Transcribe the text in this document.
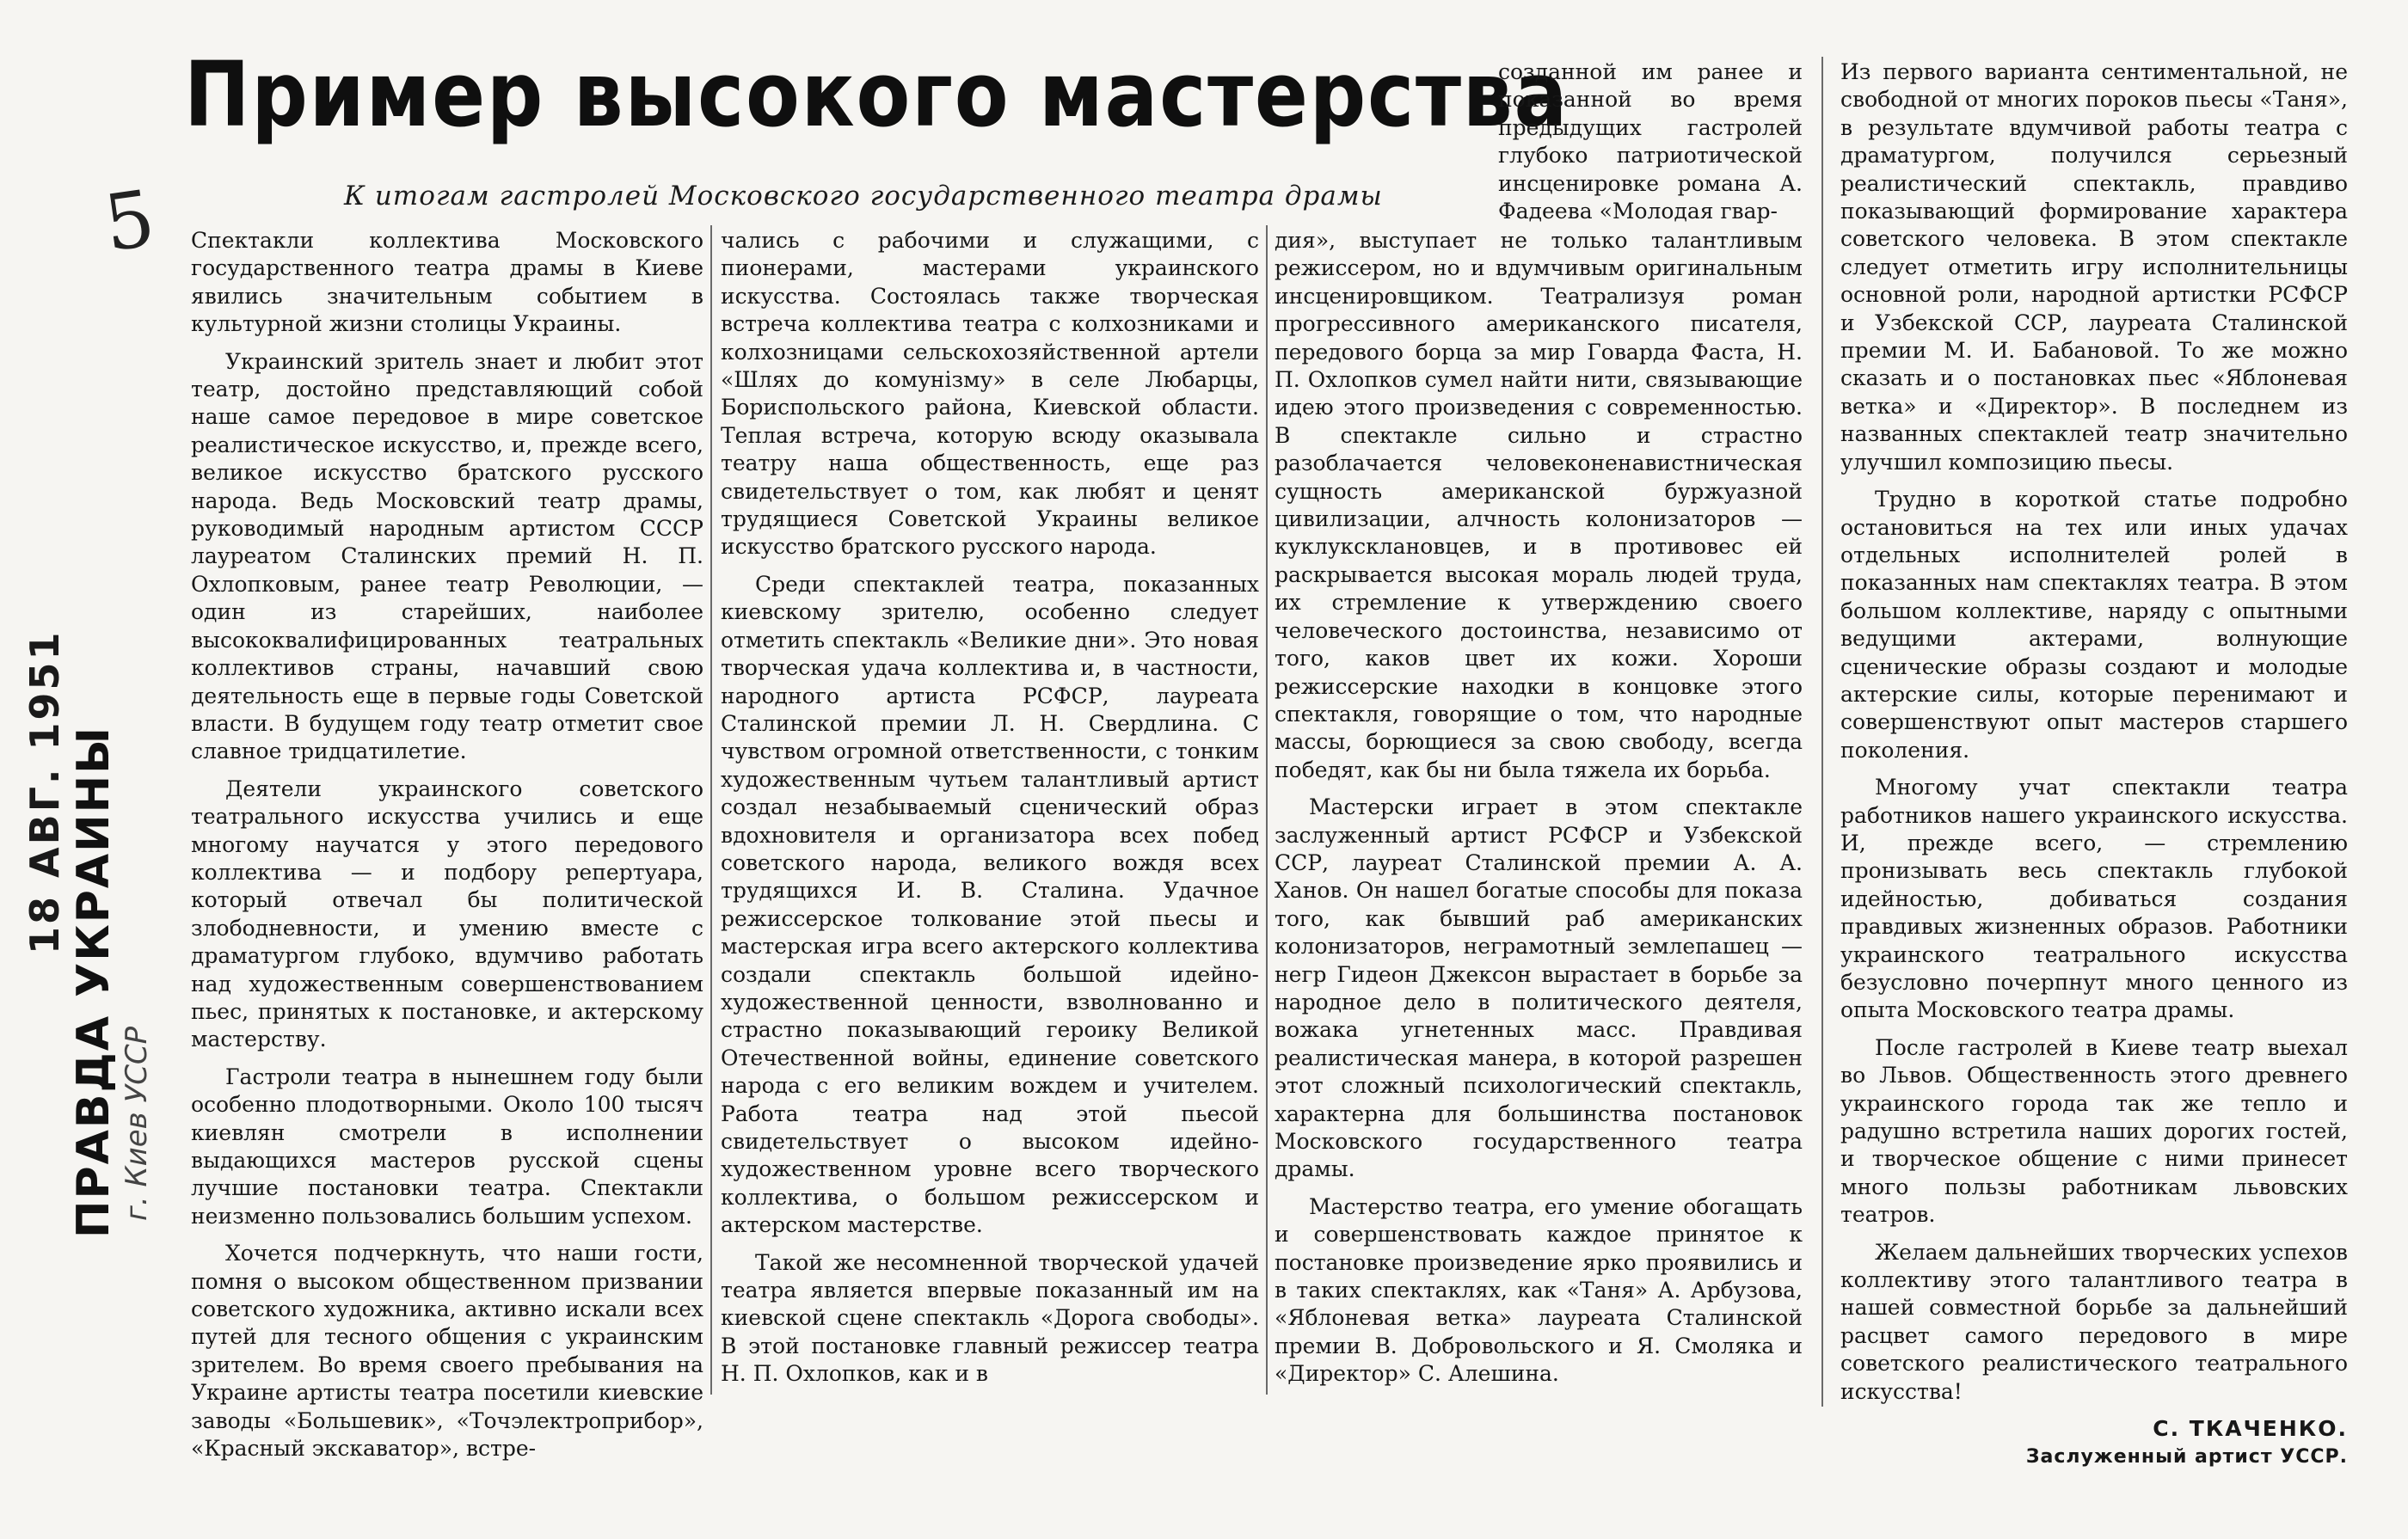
5
18 АВГ. 1951 ПРАВДА УКРАИНЫ г. Киев УССР
Пример высокого мастерства
К итогам гастролей Московского государственного театра драмы

Спектакли коллектива Московского государственного театра драмы в Киеве явились значительным событием в культурной жизни столицы Украины.

Украинский зритель знает и любит этот театр, достойно представляющий собой наше самое передовое в мире советское реалистическое искусство, и, прежде всего, великое искусство братского русского народа. Ведь Московский театр драмы, руководимый народным артистом СССР лауреатом Сталинских премий Н. П. Охлопковым, ранее театр Революции, — один из старейших, наиболее высококвалифицированных театральных коллективов страны, начавший свою деятельность еще в первые годы Советской власти. В будущем году театр отметит свое славное тридцатилетие.

Деятели украинского советского театрального искусства учились и еще многому научатся у этого передового коллектива — и подбору репертуара, который отвечал бы политической злободневности, и умению вместе с драматургом глубоко, вдумчиво работать над художественным совершенствованием пьес, принятых к постановке, и актерскому мастерству.

Гастроли театра в нынешнем году были особенно плодотворными. Около 100 тысяч киевлян смотрели в исполнении выдающихся мастеров русской сцены лучшие постановки театра. Спектакли неизменно пользовались большим успехом.

Хочется подчеркнуть, что наши гости, помня о высоком общественном призвании советского художника, активно искали всех путей для тесного общения с украинским зрителем. Во время своего пребывания на Украине артисты театра посетили киевские заводы «Большевик», «Точэлектроприбор», «Красный экскаватор», встре-

чались с рабочими и служащими, с пионерами, мастерами украинского искусства. Состоялась также творческая встреча коллектива театра с колхозниками и колхозницами сельскохозяйственной артели «Шлях до комунізму» в селе Любарцы, Бориспольского района, Киевской области. Теплая встреча, которую всюду оказывала театру наша общественность, еще раз свидетельствует о том, как любят и ценят трудящиеся Советской Украины великое искусство братского русского народа.

Среди спектаклей театра, показанных киевскому зрителю, особенно следует отметить спектакль «Великие дни». Это новая творческая удача коллектива и, в частности, народного артиста РСФСР, лауреата Сталинской премии Л. Н. Свердлина. С чувством огромной ответственности, с тонким художественным чутьем талантливый артист создал незабываемый сценический образ вдохновителя и организатора всех побед советского народа, великого вождя всех трудящихся И. В. Сталина. Удачное режиссерское толкование этой пьесы и мастерская игра всего актерского коллектива создали спектакль большой идейно-художественной ценности, взволнованно и страстно показывающий героику Великой Отечественной войны, единение советского народа с его великим вождем и учителем. Работа театра над этой пьесой свидетельствует о высоком идейно-художественном уровне всего творческого коллектива, о большом режиссерском и актерском мастерстве.

Такой же несомненной творческой удачей театра является впервые показанный им на киевской сцене спектакль «Дорога свободы». В этой постановке главный режиссер театра Н. П. Охлопков, как и в

дия», выступает не только талантливым режиссером, но и вдумчивым оригинальным инсценировщиком. Театрализуя роман прогрессивного американского писателя, передового борца за мир Говарда Фаста, Н. П. Охлопков сумел найти нити, связывающие идею этого произведения с современностью. В спектакле сильно и страстно разоблачается человеконенавистническая сущность американской буржуазной цивилизации, алчность колонизаторов — куклуксклановцев, и в противовес ей раскрывается высокая мораль людей труда, их стремление к утверждению своего человеческого достоинства, независимо от того, каков цвет их кожи. Хороши режиссерские находки в концовке этого спектакля, говорящие о том, что народные массы, борющиеся за свою свободу, всегда победят, как бы ни была тяжела их борьба.

Мастерски играет в этом спектакле заслуженный артист РСФСР и Узбекской ССР, лауреат Сталинской премии А. А. Ханов. Он нашел богатые способы для показа того, как бывший раб американских колонизаторов, неграмотный землепашец — негр Гидеон Джексон вырастает в борьбе за народное дело в политического деятеля, вожака угнетенных масс. Правдивая реалистическая манера, в которой разрешен этот сложный психологический спектакль, характерна для большинства постановок Московского государственного театра драмы.

Мастерство театра, его умение обогащать и совершенствовать каждое принятое к постановке произведение ярко проявились и в таких спектаклях, как «Таня» А. Арбузова, «Яблоневая ветка» лауреата Сталинской премии В. Добровольского и Я. Смоляка и «Директор» С. Алешина.

созданной им ранее и показанной во время предыдущих гастролей глубоко патриотической инсценировке романа А. Фадеева «Молодая гвар-

Из первого варианта сентиментальной, не свободной от многих пороков пьесы «Таня», в результате вдумчивой работы театра с драматургом, получился серьезный реалистический спектакль, правдиво показывающий формирование характера советского человека. В этом спектакле следует отметить игру исполнительницы основной роли, народной артистки РСФСР и Узбекской ССР, лауреата Сталинской премии М. И. Бабановой. То же можно сказать и о постановках пьес «Яблоневая ветка» и «Директор». В последнем из названных спектаклей театр значительно улучшил композицию пьесы.

Трудно в короткой статье подробно остановиться на тех или иных удачах отдельных исполнителей ролей в показанных нам спектаклях театра. В этом большом коллективе, наряду с опытными ведущими актерами, волнующие сценические образы создают и молодые актерские силы, которые перенимают и совершенствуют опыт мастеров старшего поколения.

Многому учат спектакли театра работников нашего украинского искусства. И, прежде всего, — стремлению пронизывать весь спектакль глубокой идейностью, добиваться создания правдивых жизненных образов. Работники украинского театрального искусства безусловно почерпнут много ценного из опыта Московского театра драмы.

После гастролей в Киеве театр выехал во Львов. Общественность этого древнего украинского города так же тепло и радушно встретила наших дорогих гостей, и творческое общение с ними принесет много пользы работникам львовских театров.

Желаем дальнейших творческих успехов коллективу этого талантливого театра в нашей совместной борьбе за дальнейший расцвет самого передового в мире советского реалистического театрального искусства!

С. ТКАЧЕНКО.
Заслуженный артист УССР.
